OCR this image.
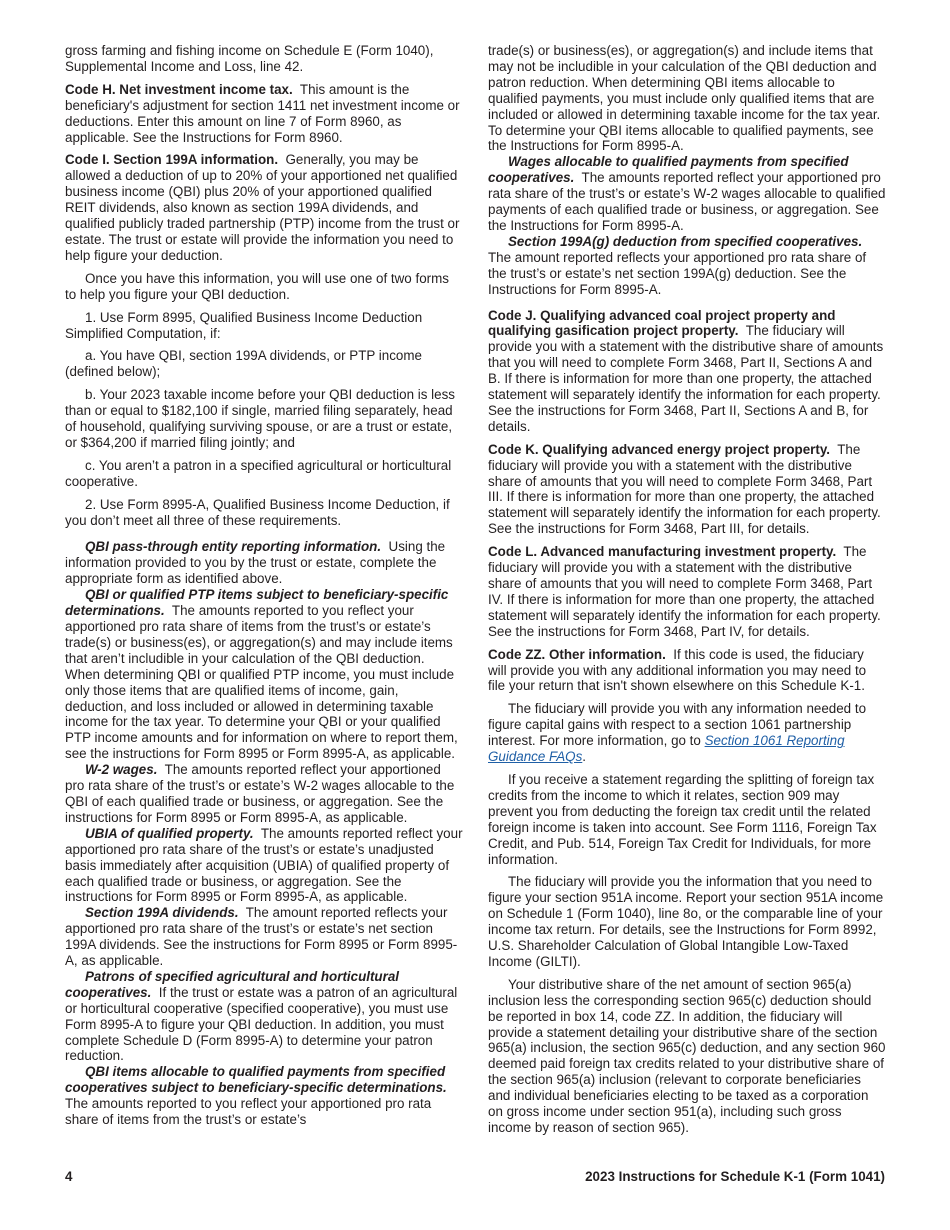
gross farming and fishing income on Schedule E (Form 1040), Supplemental Income and Loss, line 42.

Code H. Net investment income tax. This amount is the beneficiary's adjustment for section 1411 net investment income or deductions. Enter this amount on line 7 of Form 8960, as applicable. See the Instructions for Form 8960.

Code I. Section 199A information. Generally, you may be allowed a deduction of up to 20% of your apportioned net qualified business income (QBI) plus 20% of your apportioned qualified REIT dividends, also known as section 199A dividends, and qualified publicly traded partnership (PTP) income from the trust or estate. The trust or estate will provide the information you need to help figure your deduction.

Once you have this information, you will use one of two forms to help you figure your QBI deduction.

1. Use Form 8995, Qualified Business Income Deduction Simplified Computation, if:

a. You have QBI, section 199A dividends, or PTP income (defined below);

b. Your 2023 taxable income before your QBI deduction is less than or equal to $182,100 if single, married filing separately, head of household, qualifying surviving spouse, or are a trust or estate, or $364,200 if married filing jointly; and

c. You aren’t a patron in a specified agricultural or horticultural cooperative.

2. Use Form 8995-A, Qualified Business Income Deduction, if you don’t meet all three of these requirements.

QBI pass-through entity reporting information. Using the information provided to you by the trust or estate, complete the appropriate form as identified above.

QBI or qualified PTP items subject to beneficiary-specific determinations. The amounts reported to you reflect your apportioned pro rata share of items from the trust’s or estate’s trade(s) or business(es), or aggregation(s) and may include items that aren’t includible in your calculation of the QBI deduction. When determining QBI or qualified PTP income, you must include only those items that are qualified items of income, gain, deduction, and loss included or allowed in determining taxable income for the tax year. To determine your QBI or your qualified PTP income amounts and for information on where to report them, see the instructions for Form 8995 or Form 8995-A, as applicable.

W-2 wages. The amounts reported reflect your apportioned pro rata share of the trust’s or estate’s W-2 wages allocable to the QBI of each qualified trade or business, or aggregation. See the instructions for Form 8995 or Form 8995-A, as applicable.

UBIA of qualified property. The amounts reported reflect your apportioned pro rata share of the trust’s or estate’s unadjusted basis immediately after acquisition (UBIA) of qualified property of each qualified trade or business, or aggregation. See the instructions for Form 8995 or Form 8995-A, as applicable.

Section 199A dividends. The amount reported reflects your apportioned pro rata share of the trust’s or estate’s net section 199A dividends. See the instructions for Form 8995 or Form 8995-A, as applicable.

Patrons of specified agricultural and horticultural cooperatives. If the trust or estate was a patron of an agricultural or horticultural cooperative (specified cooperative), you must use Form 8995-A to figure your QBI deduction. In addition, you must complete Schedule D (Form 8995-A) to determine your patron reduction.

QBI items allocable to qualified payments from specified cooperatives subject to beneficiary-specific determinations.  The amounts reported to you reflect your apportioned pro rata share of items from the trust’s or estate’s

trade(s) or business(es), or aggregation(s) and include items that may not be includible in your calculation of the QBI deduction and patron reduction. When determining QBI items allocable to qualified payments, you must include only qualified items that are included or allowed in determining taxable income for the tax year. To determine your QBI items allocable to qualified payments, see the Instructions for Form 8995-A.

Wages allocable to qualified payments from specified cooperatives. The amounts reported reflect your apportioned pro rata share of the trust’s or estate’s W-2 wages allocable to qualified payments of each qualified trade or business, or aggregation. See the Instructions for Form 8995-A.

Section 199A(g) deduction from specified cooperatives. The amount reported reflects your apportioned pro rata share of the trust’s or estate’s net section 199A(g) deduction. See the Instructions for Form 8995-A.

Code J. Qualifying advanced coal project property and qualifying gasification project property. The fiduciary will provide you with a statement with the distributive share of amounts that you will need to complete Form 3468, Part II, Sections A and B. If there is information for more than one property, the attached statement will separately identify the information for each property. See the instructions for Form 3468, Part II, Sections A and B, for details.

Code K. Qualifying advanced energy project property. The fiduciary will provide you with a statement with the distributive share of amounts that you will need to complete Form 3468, Part III. If there is information for more than one property, the attached statement will separately identify the information for each property. See the instructions for Form 3468, Part III, for details.

Code L. Advanced manufacturing investment property. The fiduciary will provide you with a statement with the distributive share of amounts that you will need to complete Form 3468, Part IV. If there is information for more than one property, the attached statement will separately identify the information for each property. See the instructions for Form 3468, Part IV, for details.

Code ZZ. Other information. If this code is used, the fiduciary will provide you with any additional information you may need to file your return that isn't shown elsewhere on this Schedule K-1.

The fiduciary will provide you with any information needed to figure capital gains with respect to a section 1061 partnership interest. For more information, go to Section 1061 Reporting Guidance FAQs.

If you receive a statement regarding the splitting of foreign tax credits from the income to which it relates, section 909 may prevent you from deducting the foreign tax credit until the related foreign income is taken into account. See Form 1116, Foreign Tax Credit, and Pub. 514, Foreign Tax Credit for Individuals, for more information.

The fiduciary will provide you the information that you need to figure your section 951A income. Report your section 951A income on Schedule 1 (Form 1040), line 8o, or the comparable line of your income tax return. For details, see the Instructions for Form 8992, U.S. Shareholder Calculation of Global Intangible Low-Taxed Income (GILTI).

Your distributive share of the net amount of section 965(a) inclusion less the corresponding section 965(c) deduction should be reported in box 14, code ZZ. In addition, the fiduciary will provide a statement detailing your distributive share of the section 965(a) inclusion, the section 965(c) deduction, and any section 960 deemed paid foreign tax credits related to your distributive share of the section 965(a) inclusion (relevant to corporate beneficiaries and individual beneficiaries electing to be taxed as a corporation on gross income under section 951(a), including such gross income by reason of section 965).

4	2023 Instructions for Schedule K-1 (Form 1041)
